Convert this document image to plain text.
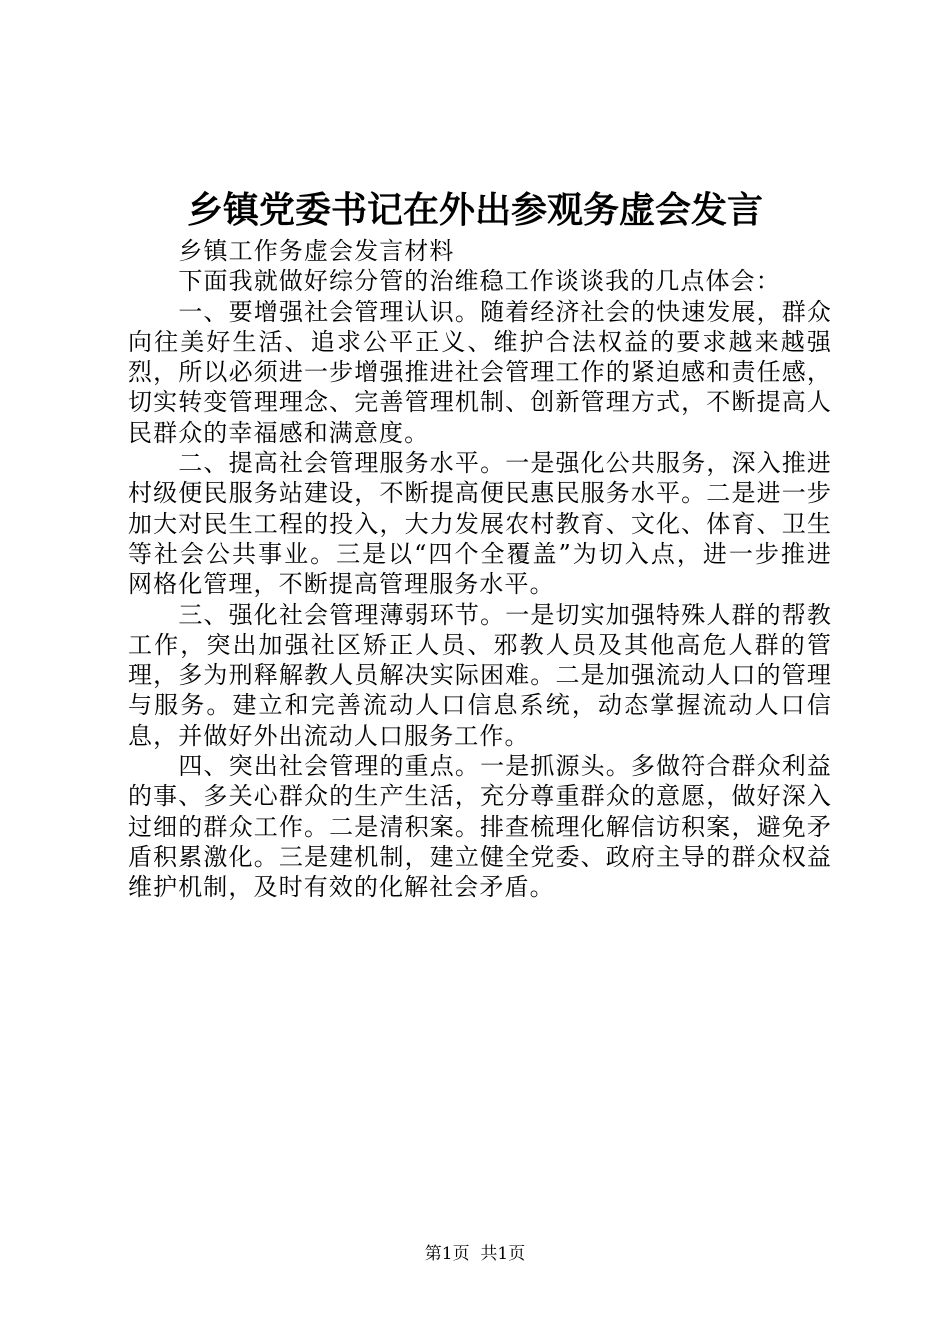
乡镇党委书记在外出参观务虚会发言

乡镇工作务虚会发言材料

下面我就做好综分管的治维稳工作谈谈我的几点体会：

一、要增强社会管理认识。随着经济社会的快速发展，群众向往美好生活、追求公平正义、维护合法权益的要求越来越强烈，所以必须进一步增强推进社会管理工作的紧迫感和责任感，切实转变管理理念、完善管理机制、创新管理方式，不断提高人民群众的幸福感和满意度。

二、提高社会管理服务水平。一是强化公共服务，深入推进村级便民服务站建设，不断提高便民惠民服务水平。二是进一步加大对民生工程的投入，大力发展农村教育、文化、体育、卫生等社会公共事业。三是以“四个全覆盖”为切入点，进一步推进网格化管理，不断提高管理服务水平。

三、强化社会管理薄弱环节。一是切实加强特殊人群的帮教工作，突出加强社区矫正人员、邪教人员及其他高危人群的管理，多为刑释解教人员解决实际困难。二是加强流动人口的管理与服务。建立和完善流动人口信息系统，动态掌握流动人口信息，并做好外出流动人口服务工作。

四、突出社会管理的重点。一是抓源头。多做符合群众利益的事、多关心群众的生产生活，充分尊重群众的意愿，做好深入过细的群众工作。二是清积案。排查梳理化解信访积案，避免矛盾积累激化。三是建机制，建立健全党委、政府主导的群众权益维护机制，及时有效的化解社会矛盾。

第1页 共1页
